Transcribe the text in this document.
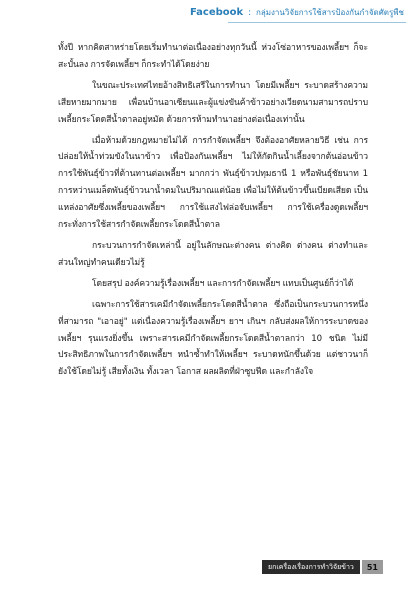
Facebook : กลุ่มงานวิจัยการใช้สารป้องกันกำจัดศัตรูพืช

ทั้งปี หากคิดสาหร่ายโดยเริ่มทำนาต่อเนื่องอย่างทุกวันนี้ ห่วงโซ่อาหารของเพลี้ยฯ ก็จะสะบั้นลง การจัดเพลี้ยฯ ก็กระทำได้โดยง่าย

ในขณะประเทศไทยอ้างสิทธิเสรีในการทำนา โดยมีเพลี้ยฯ ระบาดสร้างความเสียหายมากมาย เพื่อนบ้านอาเซียนและผู้แข่งขันค้าข้าวอย่างเวียดนามสามารถปราบเพลี้ยกระโดดสีน้ำตาลอยู่หมัด ด้วยการห้ามทำนาอย่างต่อเนื่องเท่านั้น

เมื่อห้ามด้วยกฎหมายไม่ได้ การกำจัดเพลี้ยฯ จึงต้องอาศัยหลายวิธี เช่น การปล่อยให้น้ำท่วมขังในนาข้าว เพื่อป้องกันเพลี้ยฯ ไม่ให้กัดกินน้ำเลี้ยงจากต้นอ่อนข้าว การใช้พันธุ์ข้าวที่ต้านทานต่อเพลี้ยฯ มากกว่า พันธุ์ข้าวปทุมธานี 1 หรือพันธุ์ชัยนาท 1 การหว่านเมล็ดพันธุ์ข้าวนาน้ำตมในปริมาณแต่น้อย เพื่อไม่ให้ต้นข้าวขึ้นเบียดเสียด เป็นแหล่งอาศัยซึ่งเพลี้ยของเพลี้ยฯ การใช้แสงไฟล่อจับเพลี้ยฯ การใช้เครื่องดูดเพลี้ยฯ กระทั่งการใช้สารกำจัดเพลี้ยกระโดดสีน้ำตาล

กระบวนการกำจัดเหล่านี้ อยู่ในลักษณะต่างคน ต่างคิด ต่างคน ต่างทำและส่วนใหญ่ทำคนเดียวไม่รู้

โดยสรุป องค์ความรู้เรื่องเพลี้ยฯ และการกำจัดเพลี้ยฯ แทบเป็นศูนย์ก็ว่าได้

เฉพาะการใช้สารเคมีกำจัดเพลี้ยกระโดดสีน้ำตาล ซึ่งถือเป็นกระบวนการหนึ่งที่สามารถ "เอาอยู่" แต่เนื่องความรู้เรื่องเพลี้ยฯ ยาฯ เกินฯ กลับส่งผลให้การระบาดของเพลี้ยฯ รุนแรงยิ่งขึ้น เพราะสารเคมีกำจัดเพลี้ยกระโดดสีน้ำตาลกว่า 10 ชนิด ไม่มีประสิทธิภาพในการกำจัดเพลี้ยฯ หนำซ้ำทำให้เพลี้ยฯ ระบาดหนักขึ้นด้วย แต่ชาวนาก็ยังใช้โดยไม่รู้ เสียทั้งเงิน ทั้งเวลา โอกาส ผลผลิตที่ฝ่าซูบฟีด และกำลังใจ

ยกเครื่องเรื่องการทำวิจัยข้าว	51
